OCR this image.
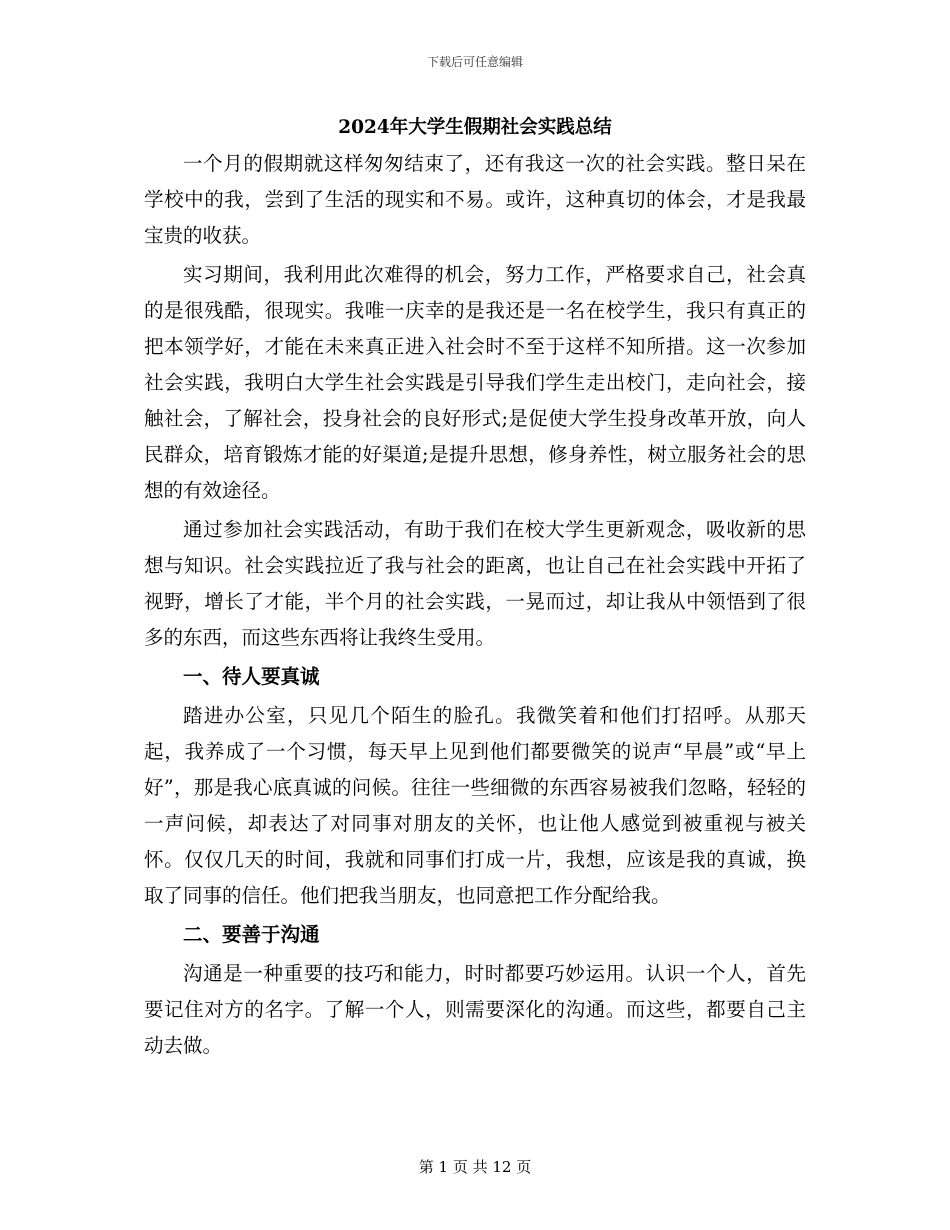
下载后可任意编辑
2024年大学生假期社会实践总结

一个月的假期就这样匆匆结束了，还有我这一次的社会实践。整日呆在学校中的我，尝到了生活的现实和不易。或许，这种真切的体会，才是我最宝贵的收获。

实习期间，我利用此次难得的机会，努力工作，严格要求自己，社会真的是很残酷，很现实。我唯一庆幸的是我还是一名在校学生，我只有真正的把本领学好，才能在未来真正进入社会时不至于这样不知所措。这一次参加社会实践，我明白大学生社会实践是引导我们学生走出校门，走向社会，接触社会，了解社会，投身社会的良好形式;是促使大学生投身改革开放，向人民群众，培育锻炼才能的好渠道;是提升思想，修身养性，树立服务社会的思想的有效途径。

通过参加社会实践活动，有助于我们在校大学生更新观念，吸收新的思想与知识。社会实践拉近了我与社会的距离，也让自己在社会实践中开拓了视野，增长了才能，半个月的社会实践，一晃而过，却让我从中领悟到了很多的东西，而这些东西将让我终生受用。

一、待人要真诚

踏进办公室，只见几个陌生的脸孔。我微笑着和他们打招呼。从那天起，我养成了一个习惯，每天早上见到他们都要微笑的说声“早晨”或“早上好”，那是我心底真诚的问候。往往一些细微的东西容易被我们忽略，轻轻的一声问候，却表达了对同事对朋友的关怀，也让他人感觉到被重视与被关怀。仅仅几天的时间，我就和同事们打成一片，我想，应该是我的真诚，换取了同事的信任。他们把我当朋友，也同意把工作分配给我。

二、要善于沟通

沟通是一种重要的技巧和能力，时时都要巧妙运用。认识一个人，首先要记住对方的名字。了解一个人，则需要深化的沟通。而这些，都要自己主动去做。

第 1 页 共 12 页
